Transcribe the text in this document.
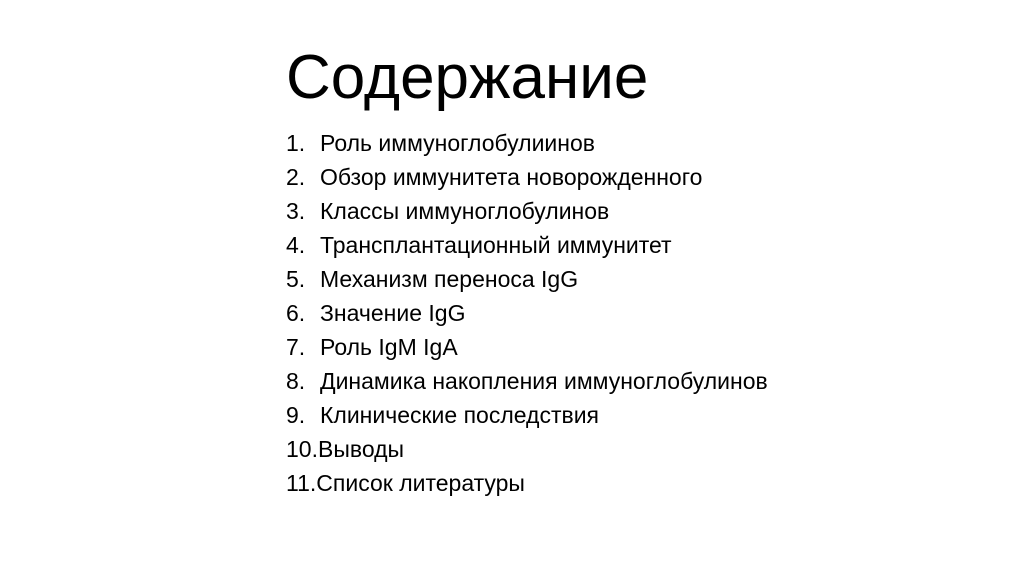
Содержание
1. Роль иммуноглобулиинов
2. Обзор иммунитета новорожденного
3. Классы иммуноглобулинов
4. Трансплантационный иммунитет
5. Механизм переноса IgG
6. Значение IgG
7. Роль IgM IgA
8. Динамика накопления иммуноглобулинов
9. Клинические последствия
10. Выводы
11. Список литературы
